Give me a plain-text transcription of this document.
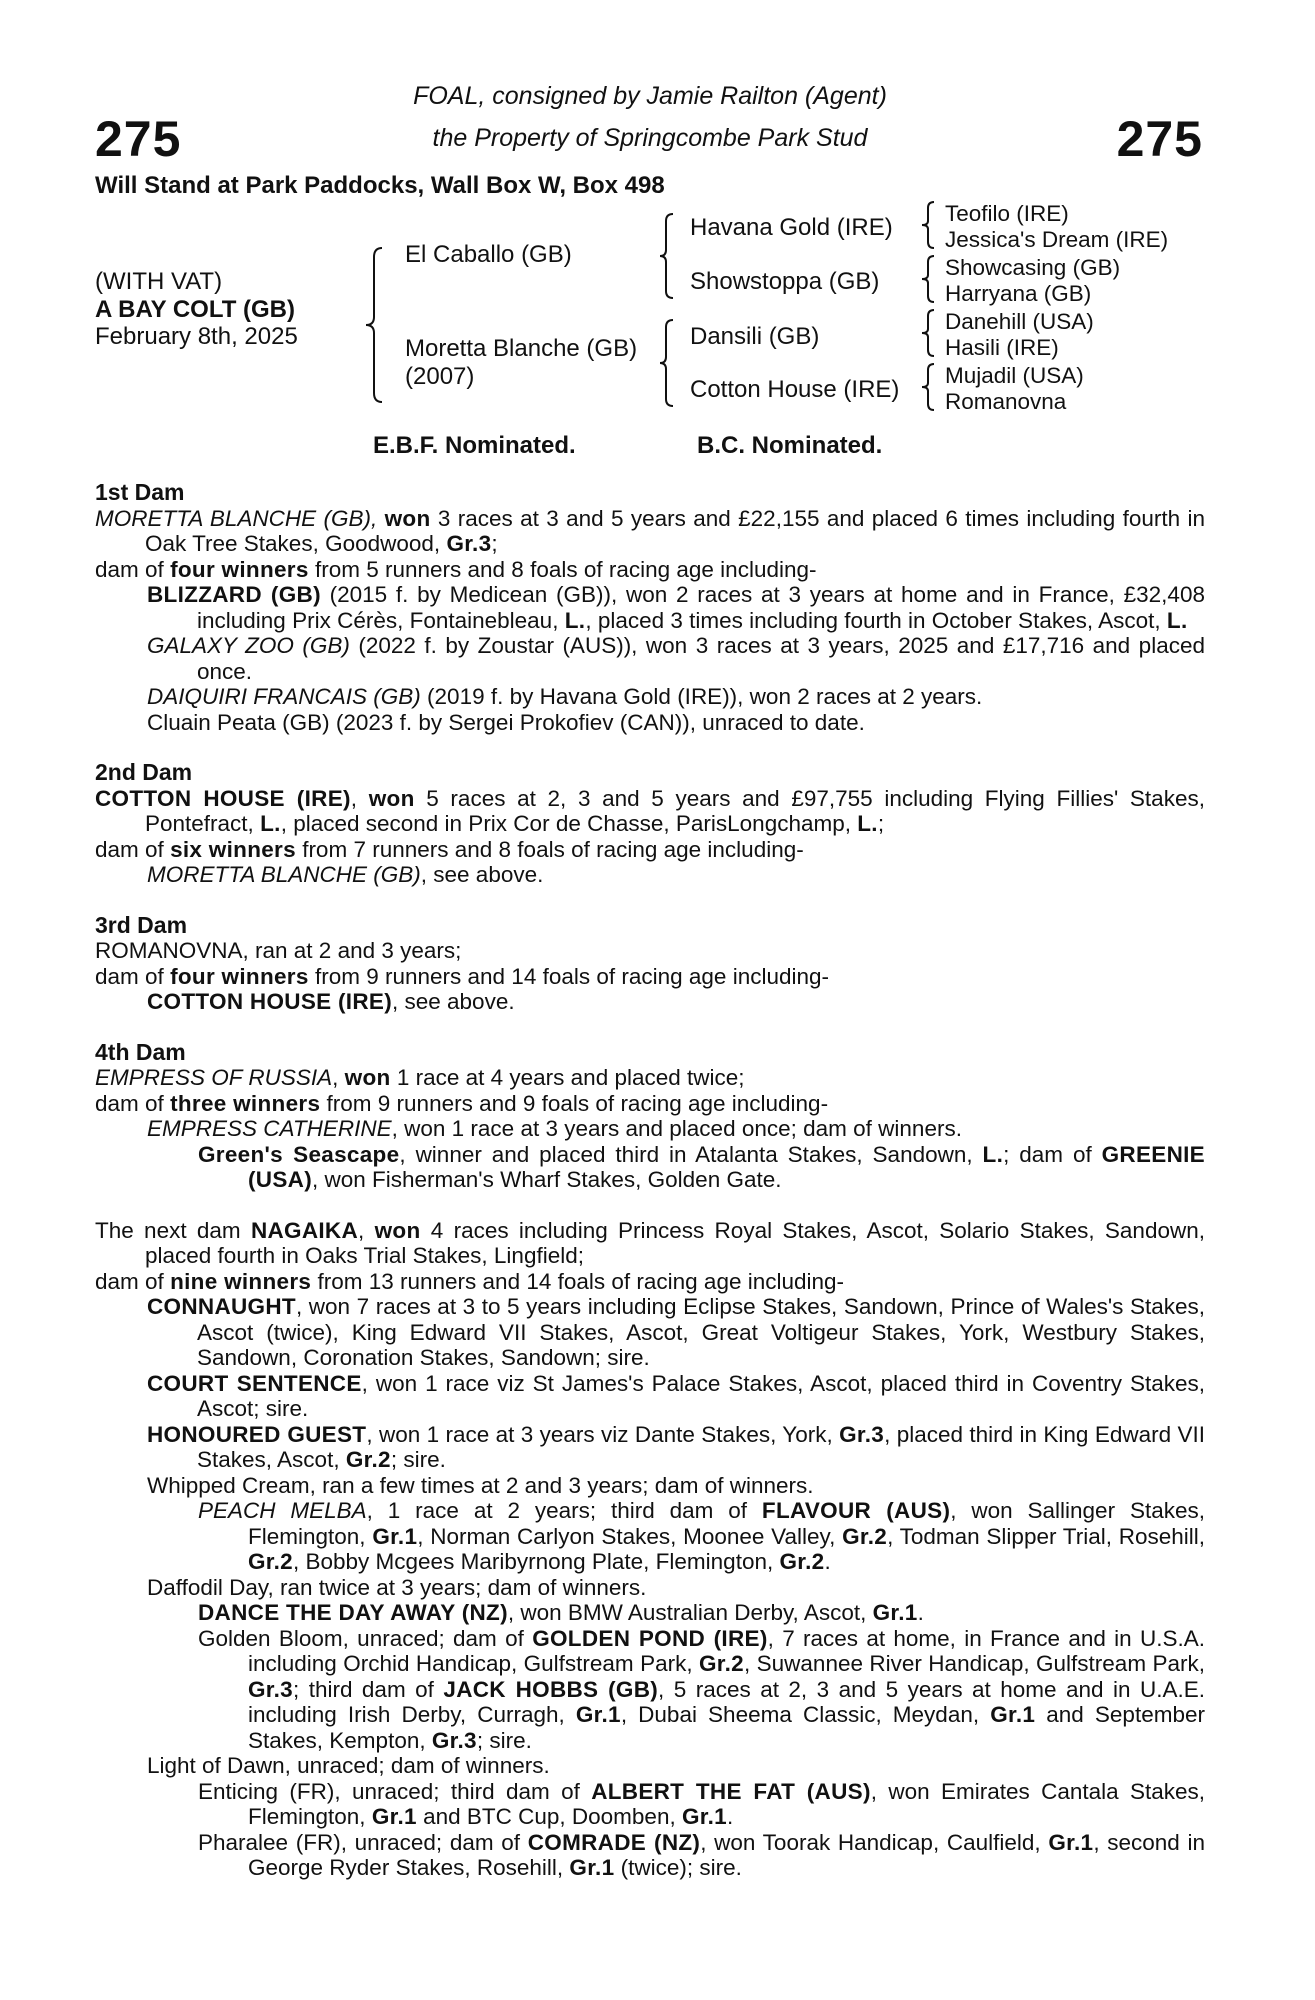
275	275
FOAL, consigned by Jamie Railton (Agent)
the Property of Springcombe Park Stud
Will Stand at Park Paddocks, Wall Box W, Box 498
(WITH VAT)
A BAY COLT (GB)
February 8th, 2025
El Caballo (GB)
Moretta Blanche (GB)
(2007)
Havana Gold (IRE)
Showstoppa (GB)
Dansili (GB)
Cotton House (IRE)
Teofilo (IRE)
Jessica's Dream (IRE)
Showcasing (GB)
Harryana (GB)
Danehill (USA)
Hasili (IRE)
Mujadil (USA)
Romanovna
E.B.F. Nominated.	B.C. Nominated.
1st Dam
MORETTA BLANCHE (GB), won 3 races at 3 and 5 years and £22,155 and placed 6 times including fourth in Oak Tree Stakes, Goodwood, Gr.3;
dam of four winners from 5 runners and 8 foals of racing age including-
BLIZZARD (GB) (2015 f. by Medicean (GB)), won 2 races at 3 years at home and in France, £32,408 including Prix Cérès, Fontainebleau, L., placed 3 times including fourth in October Stakes, Ascot, L.
GALAXY ZOO (GB) (2022 f. by Zoustar (AUS)), won 3 races at 3 years, 2025 and £17,716 and placed once.
DAIQUIRI FRANCAIS (GB) (2019 f. by Havana Gold (IRE)), won 2 races at 2 years.
Cluain Peata (GB) (2023 f. by Sergei Prokofiev (CAN)), unraced to date.
2nd Dam
COTTON HOUSE (IRE), won 5 races at 2, 3 and 5 years and £97,755 including Flying Fillies' Stakes, Pontefract, L., placed second in Prix Cor de Chasse, ParisLongchamp, L.;
dam of six winners from 7 runners and 8 foals of racing age including-
MORETTA BLANCHE (GB), see above.
3rd Dam
ROMANOVNA, ran at 2 and 3 years;
dam of four winners from 9 runners and 14 foals of racing age including-
COTTON HOUSE (IRE), see above.
4th Dam
EMPRESS OF RUSSIA, won 1 race at 4 years and placed twice;
dam of three winners from 9 runners and 9 foals of racing age including-
EMPRESS CATHERINE, won 1 race at 3 years and placed once; dam of winners.
Green's Seascape, winner and placed third in Atalanta Stakes, Sandown, L.; dam of GREENIE (USA), won Fisherman's Wharf Stakes, Golden Gate.
The next dam NAGAIKA, won 4 races including Princess Royal Stakes, Ascot, Solario Stakes, Sandown, placed fourth in Oaks Trial Stakes, Lingfield;
dam of nine winners from 13 runners and 14 foals of racing age including-
CONNAUGHT, won 7 races at 3 to 5 years including Eclipse Stakes, Sandown, Prince of Wales's Stakes, Ascot (twice), King Edward VII Stakes, Ascot, Great Voltigeur Stakes, York, Westbury Stakes, Sandown, Coronation Stakes, Sandown; sire.
COURT SENTENCE, won 1 race viz St James's Palace Stakes, Ascot, placed third in Coventry Stakes, Ascot; sire.
HONOURED GUEST, won 1 race at 3 years viz Dante Stakes, York, Gr.3, placed third in King Edward VII Stakes, Ascot, Gr.2; sire.
Whipped Cream, ran a few times at 2 and 3 years; dam of winners.
PEACH MELBA, 1 race at 2 years; third dam of FLAVOUR (AUS), won Sallinger Stakes, Flemington, Gr.1, Norman Carlyon Stakes, Moonee Valley, Gr.2, Todman Slipper Trial, Rosehill, Gr.2, Bobby Mcgees Maribyrnong Plate, Flemington, Gr.2.
Daffodil Day, ran twice at 3 years; dam of winners.
DANCE THE DAY AWAY (NZ), won BMW Australian Derby, Ascot, Gr.1.
Golden Bloom, unraced; dam of GOLDEN POND (IRE), 7 races at home, in France and in U.S.A. including Orchid Handicap, Gulfstream Park, Gr.2, Suwannee River Handicap, Gulfstream Park, Gr.3; third dam of JACK HOBBS (GB), 5 races at 2, 3 and 5 years at home and in U.A.E. including Irish Derby, Curragh, Gr.1, Dubai Sheema Classic, Meydan, Gr.1 and September Stakes, Kempton, Gr.3; sire.
Light of Dawn, unraced; dam of winners.
Enticing (FR), unraced; third dam of ALBERT THE FAT (AUS), won Emirates Cantala Stakes, Flemington, Gr.1 and BTC Cup, Doomben, Gr.1.
Pharalee (FR), unraced; dam of COMRADE (NZ), won Toorak Handicap, Caulfield, Gr.1, second in George Ryder Stakes, Rosehill, Gr.1 (twice); sire.
